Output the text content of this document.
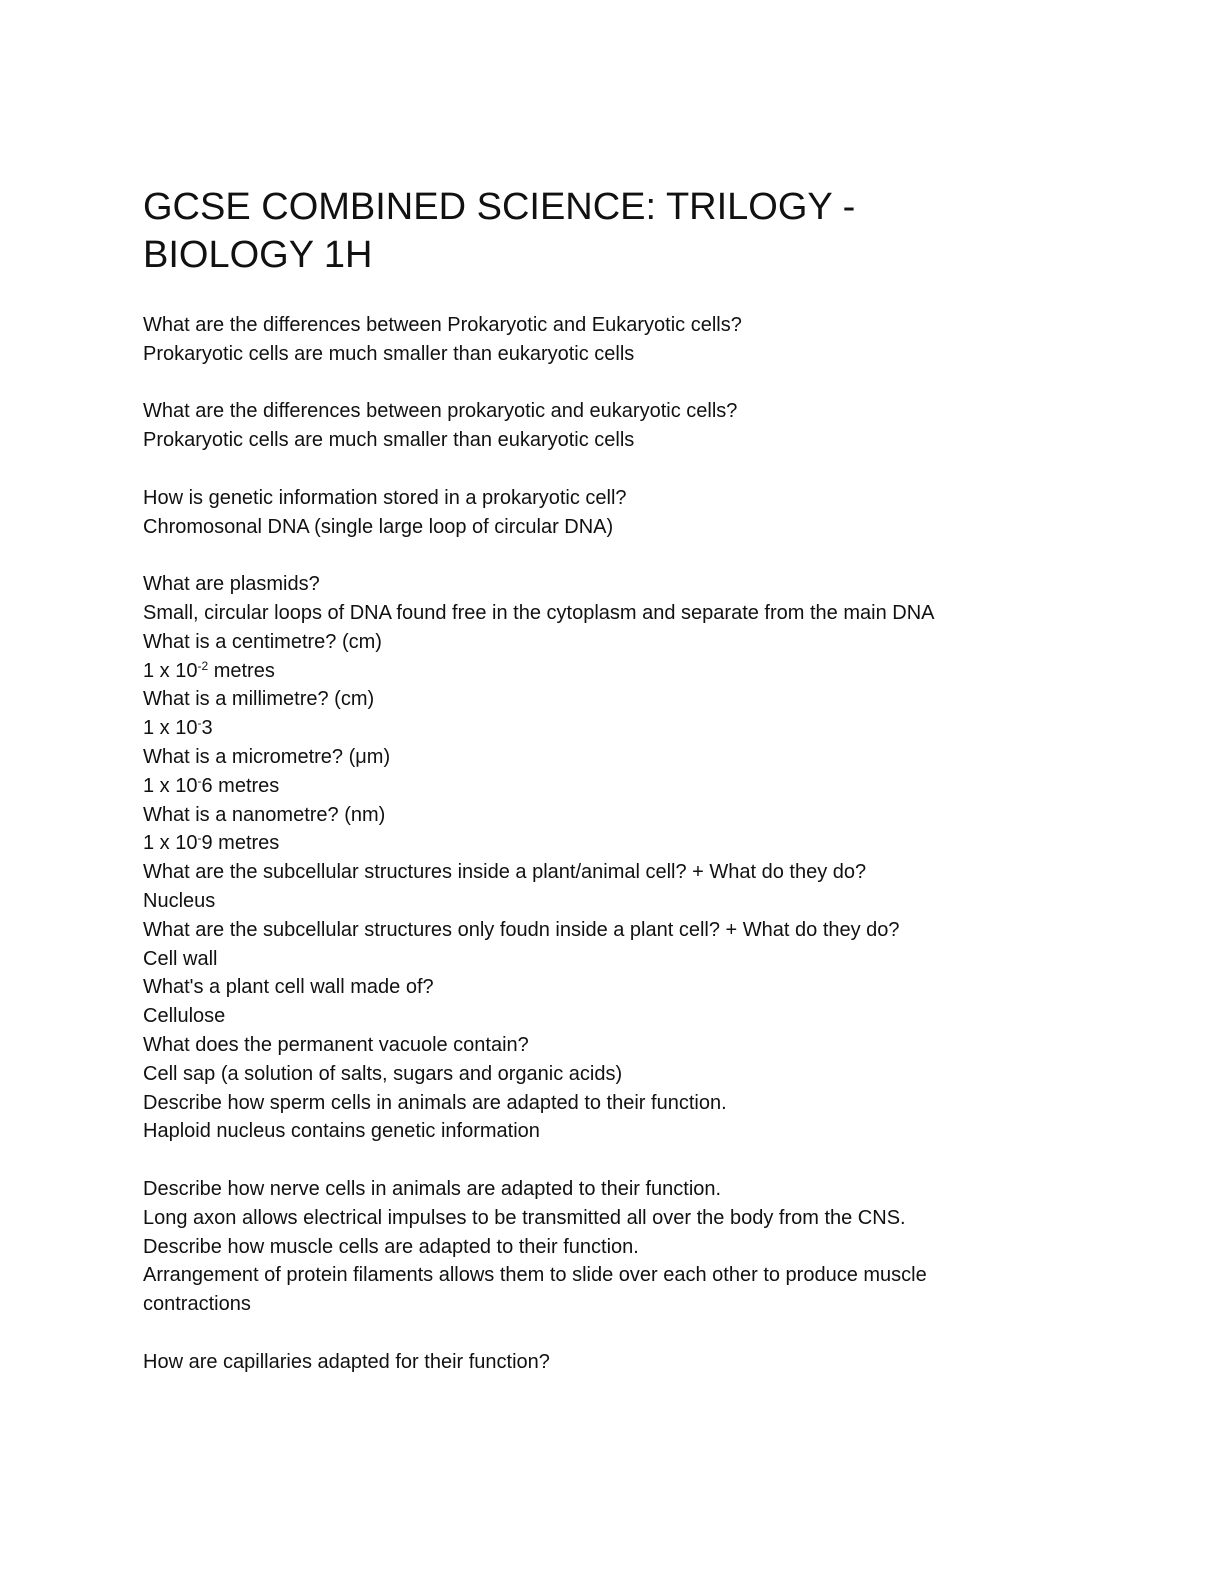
GCSE COMBINED SCIENCE: TRILOGY -
BIOLOGY 1H
What are the differences between Prokaryotic and Eukaryotic cells?
Prokaryotic cells are much smaller than eukaryotic cells
What are the differences between prokaryotic and eukaryotic cells?
Prokaryotic cells are much smaller than eukaryotic cells
How is genetic information stored in a prokaryotic cell?
Chromosonal DNA (single large loop of circular DNA)
What are plasmids?
Small, circular loops of DNA found free in the cytoplasm and separate from the main DNA
What is a centimetre? (cm)
1 x $10^{-2}$ metres
What is a millimetre? (cm)
1 x 10-3
What is a micrometre? (μm)
1 x 10-6 metres
What is a nanometre? (nm)
1 x 10-9 metres
What are the subcellular structures inside a plant/animal cell? + What do they do?
Nucleus
What are the subcellular structures only foudn inside a plant cell? + What do they do?
Cell wall
What's a plant cell wall made of?
Cellulose
What does the permanent vacuole contain?
Cell sap (a solution of salts, sugars and organic acids)
Describe how sperm cells in animals are adapted to their function.
Haploid nucleus contains genetic information
Describe how nerve cells in animals are adapted to their function.
Long axon allows electrical impulses to be transmitted all over the body from the CNS.
Describe how muscle cells are adapted to their function.
Arrangement of protein filaments allows them to slide over each other to produce muscle
contractions
How are capillaries adapted for their function?
